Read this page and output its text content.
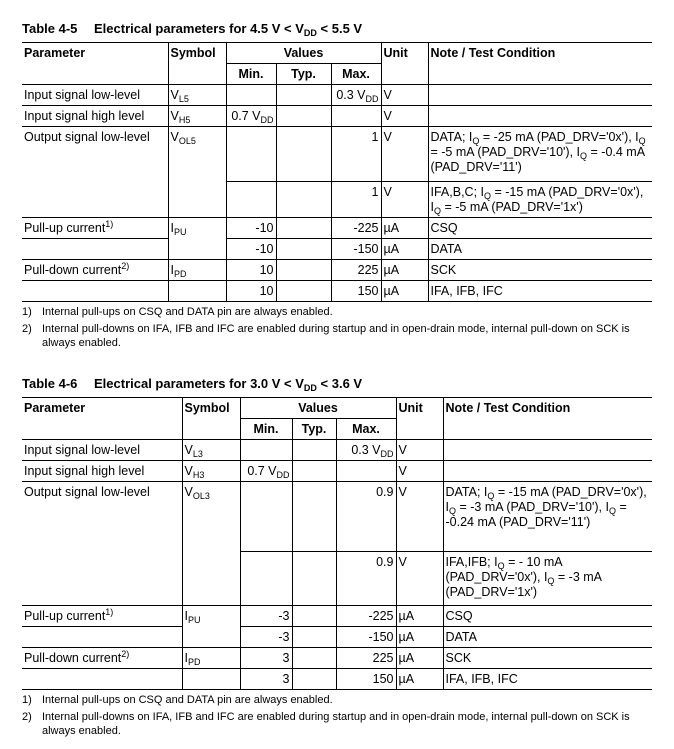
Table 4-5 Electrical parameters for 4.5 $V < V_{DD} < 5.5$ V
Parameter	Symbol	Values			Unit	Note / Test Condition
		Min.	Typ.	Max.		
Input signal low-level	$V_{L5}$			0.3 $V_{DD}$	V	
Input signal high level	$V_{H5}$	0.7 $V_{DD}$			V	
Output signal low-level	$V_{OL5}$			1	V	DATA; $I_Q = -25$ mA (PAD_DRV='0x'), $I_Q = -5$ mA (PAD_DRV='10'), $I_Q = -0.4$ mA (PAD_DRV='11')
				1	V	IFA,B,C; $I_Q = -15$ mA (PAD_DRV='0x'), $I_Q = -5$ mA (PAD_DRV='1x')
Pull-up current$^{1)}$	$I_{PU}$	-10		-225	µA	CSQ
		-10		-150	µA	DATA
Pull-down current$^{2)}$	$I_{PD}$	10		225	µA	SCK
		10		150	µA	IFA, IFB, IFC
1) Internal pull-ups on CSQ and DATA pin are always enabled.
2) Internal pull-downs on IFA, IFB and IFC are enabled during startup and in open-drain mode, internal pull-down on SCK is always enabled.
Table 4-6 Electrical parameters for 3.0 $V < V_{DD} < 3.6$ V
Parameter	Symbol	Values			Unit	Note / Test Condition
		Min.	Typ.	Max.		
Input signal low-level	$V_{L3}$			0.3 $V_{DD}$	V	
Input signal high level	$V_{H3}$	0.7 $V_{DD}$			V	
Output signal low-level	$V_{OL3}$			0.9	V	DATA; $I_Q = -15$ mA (PAD_DRV='0x'), $I_Q = -3$ mA (PAD_DRV='10'), $I_Q = -0.24$ mA (PAD_DRV='11')
				0.9	V	IFA,IFB; $I_Q$ = - 10 mA (PAD_DRV='0x'), $I_Q = -3$ mA (PAD_DRV='1x')
Pull-up current$^{1)}$	$I_{PU}$	-3		-225	µA	CSQ
		-3		-150	µA	DATA
Pull-down current$^{2)}$	$I_{PD}$	3		225	µA	SCK
		3		150	µA	IFA, IFB, IFC
1) Internal pull-ups on CSQ and DATA pin are always enabled.
2) Internal pull-downs on IFA, IFB and IFC are enabled during startup and in open-drain mode, internal pull-down on SCK is always enabled.
